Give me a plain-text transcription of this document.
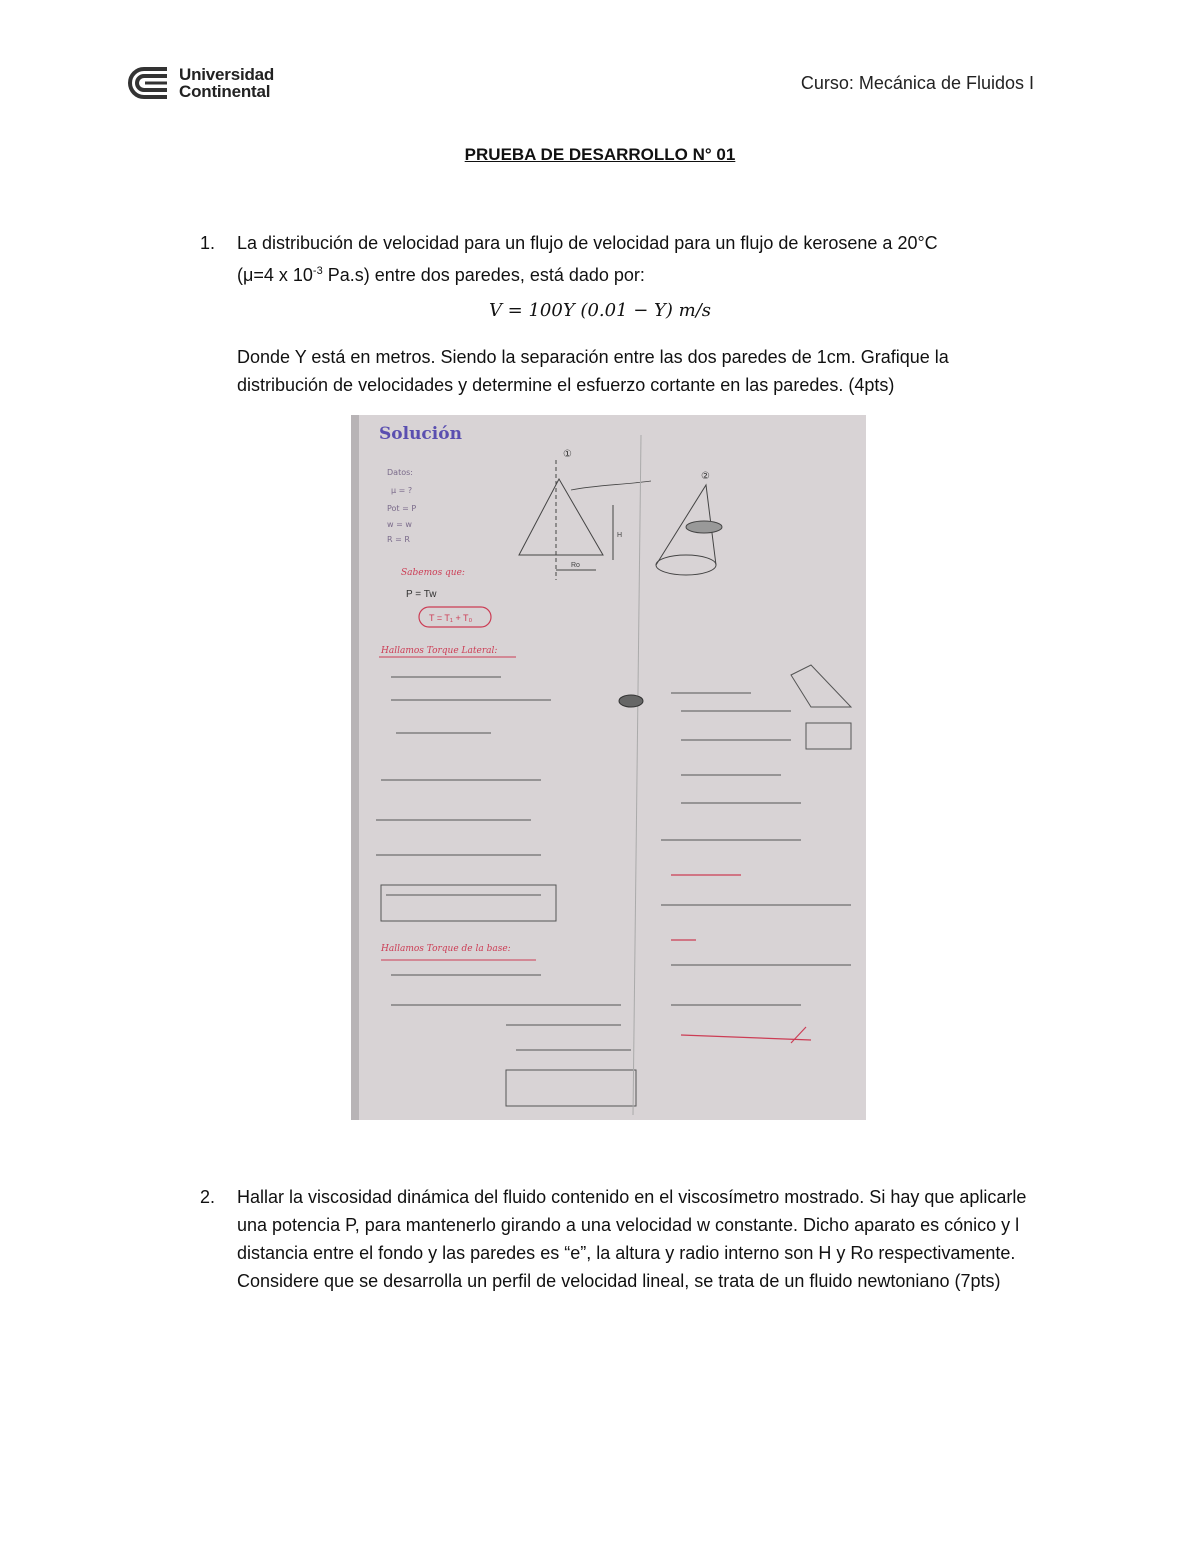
Universidad
Continental	Curso: Mecánica de Fluidos I
PRUEBA DE DESARROLLO N° 01
1. La distribución de velocidad para un flujo de velocidad para un flujo de kerosene a 20°C
(μ=4 x $10^{-3}$ Pa.s) entre dos paredes, está dado por:
V = 100Y (0.01 − Y) m/s
Donde Y está en metros. Siendo la separación entre las dos paredes de 1cm. Grafique la distribución de velocidades y determine el esfuerzo cortante en las paredes. (4pts)
Solución
Datos:
μ = ?
Pot = P
w = w
R = R
①
②
Ro
H
Sabemos que:
Hallamos Torque Lateral:
Hallamos Torque de la base:
P = Tw
T = T₁ + T₀
2. Hallar la viscosidad dinámica del fluido contenido en el viscosímetro mostrado. Si hay que aplicarle una potencia P, para mantenerlo girando a una velocidad w constante. Dicho aparato es cónico y l distancia entre el fondo y las paredes es “e”, la altura y radio interno son H y Ro respectivamente. Considere que se desarrolla un perfil de velocidad lineal, se trata de un fluido newtoniano (7pts)
